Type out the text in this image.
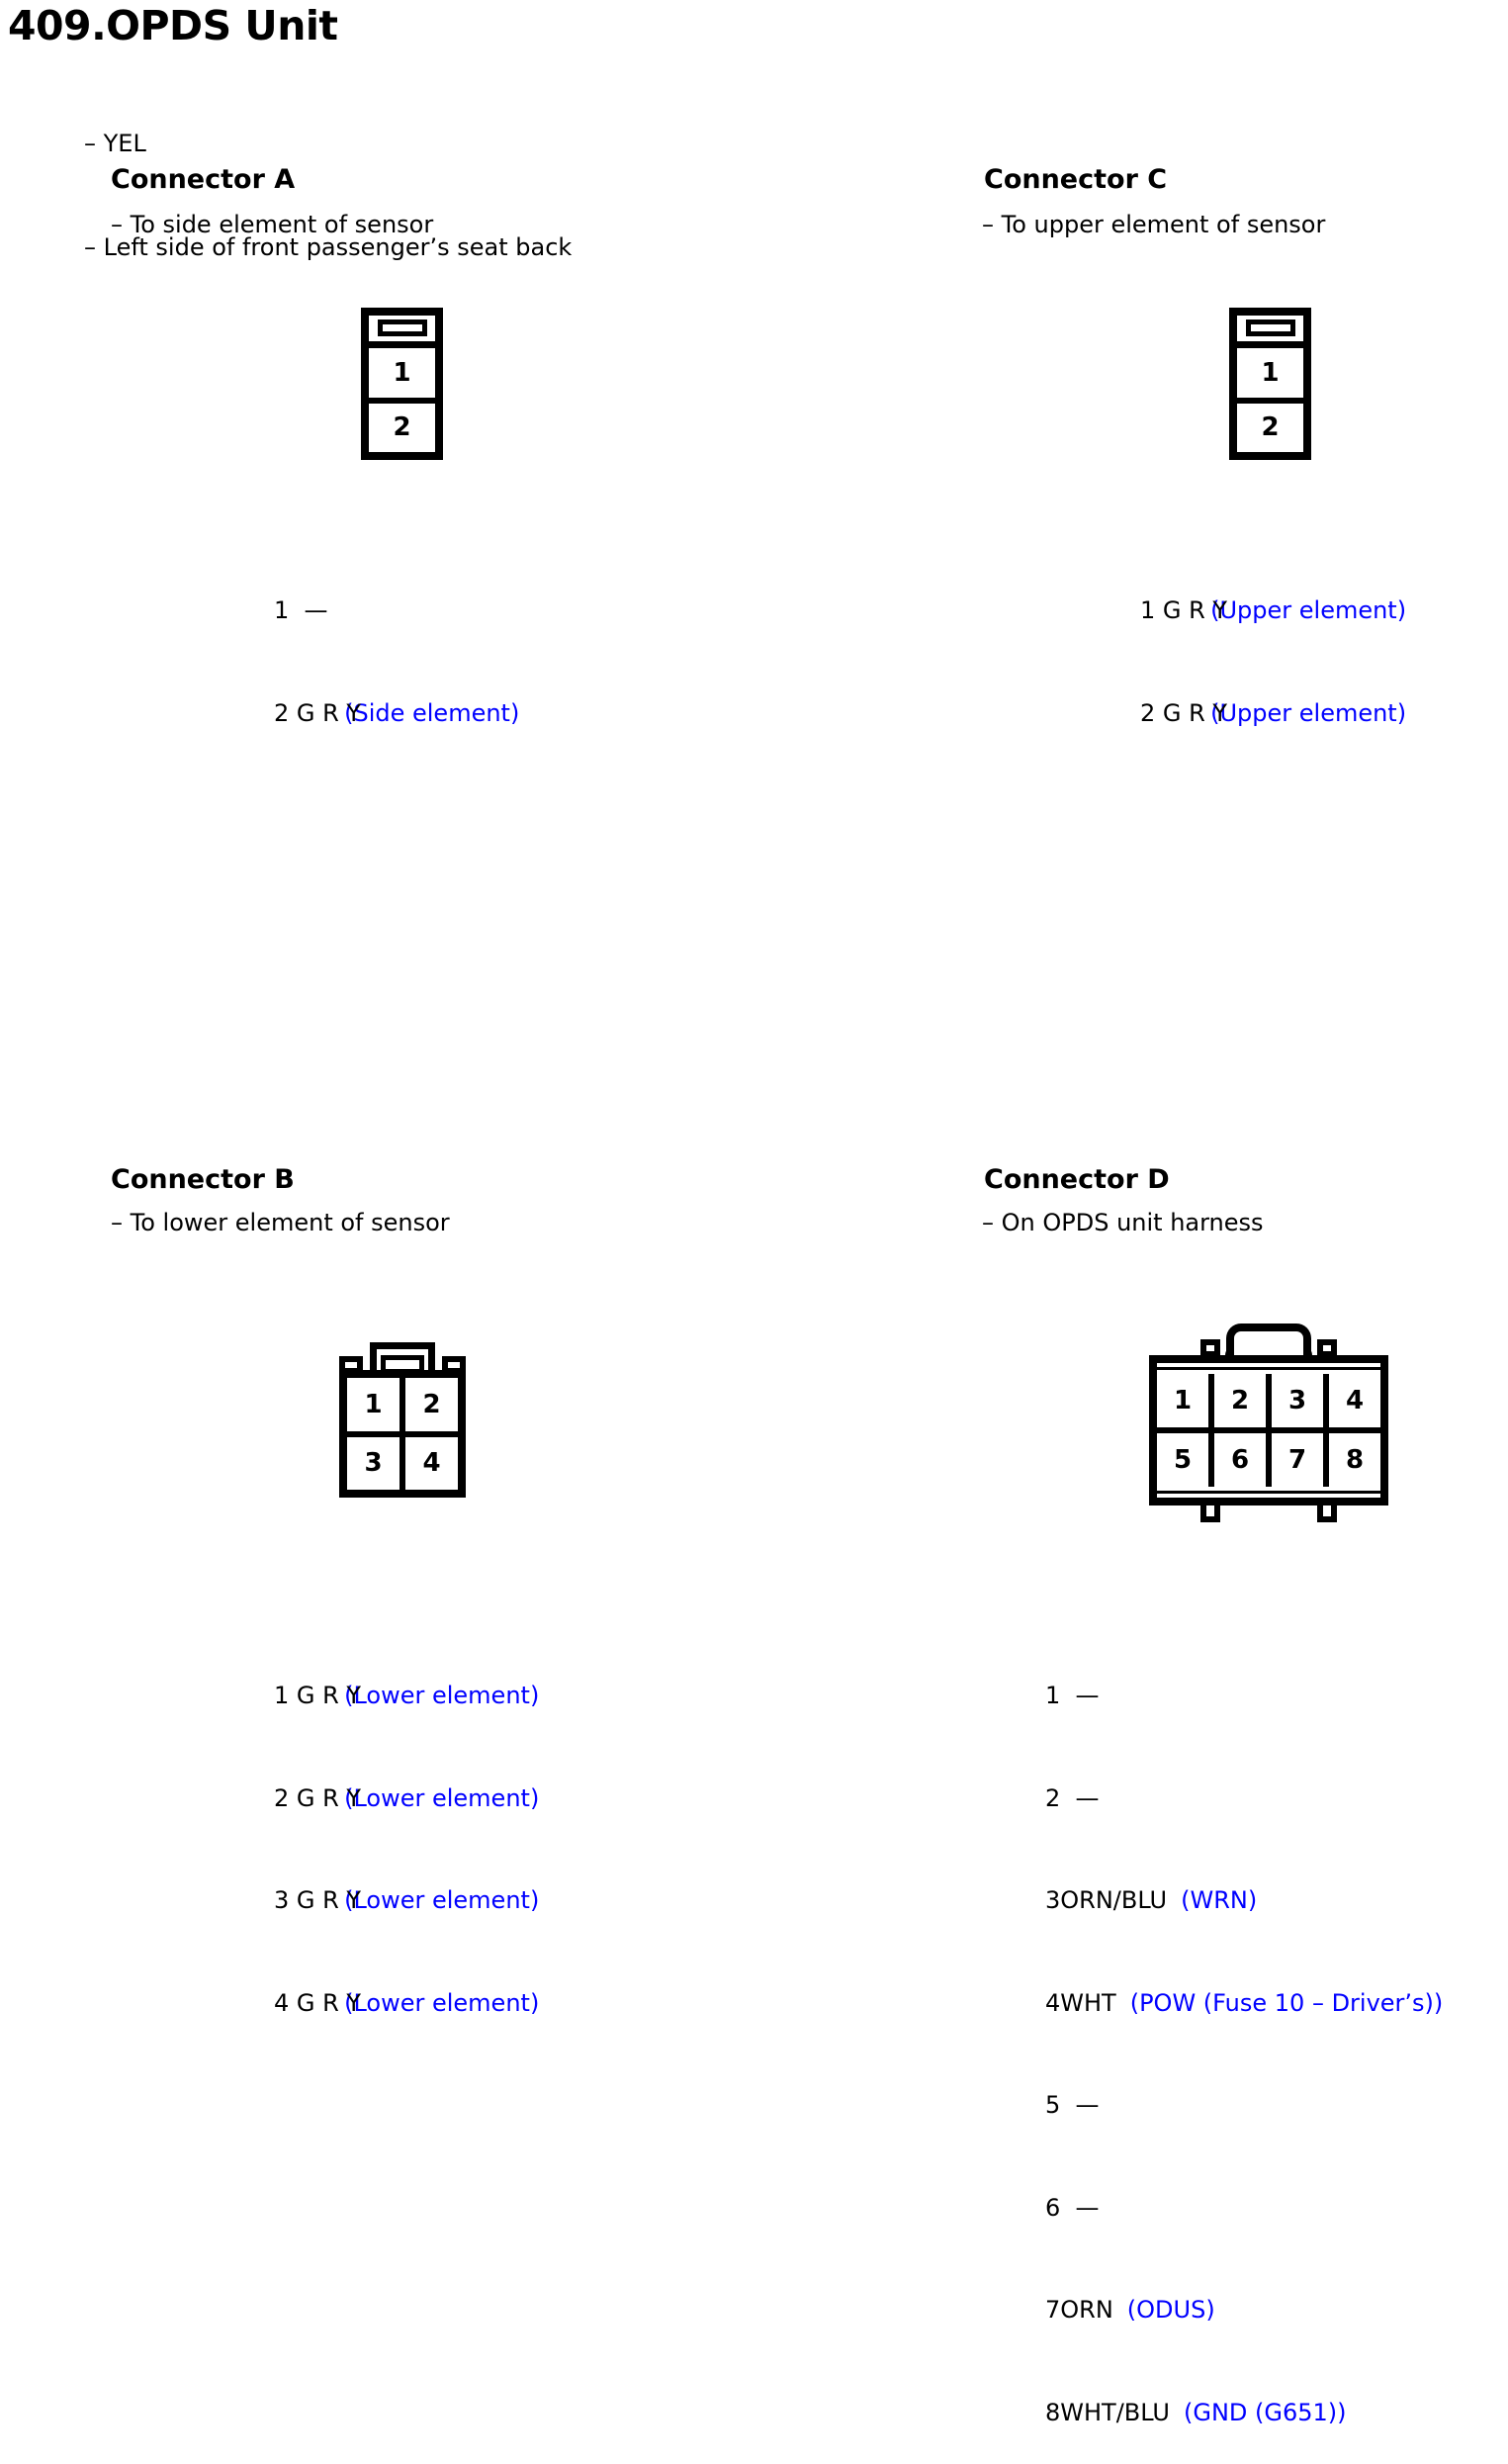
409.OPDS Unit

– YEL

– Left side of front passenger’s seat back

Connector A
– To side element of sensor
1
2

1  —

2 G R Y(Side element)

Connector C
– To upper element of sensor
1
2

1 G R Y(Upper element)

2 G R Y(Upper element)

Connector B
– To lower element of sensor
1	2
3	4

1 G R Y(Lower element)

2 G R Y(Lower element)

3 G R Y(Lower element)

4 G R Y(Lower element)

Connector D
– On OPDS unit harness
1	2	3	4
5	6	7	8

1  —

2  —

3ORN/BLU (WRN)

4WHT (POW (Fuse 10 – Driver’s))

5  —

6  —

7ORN (ODUS)

8WHT/BLU (GND (G651))
